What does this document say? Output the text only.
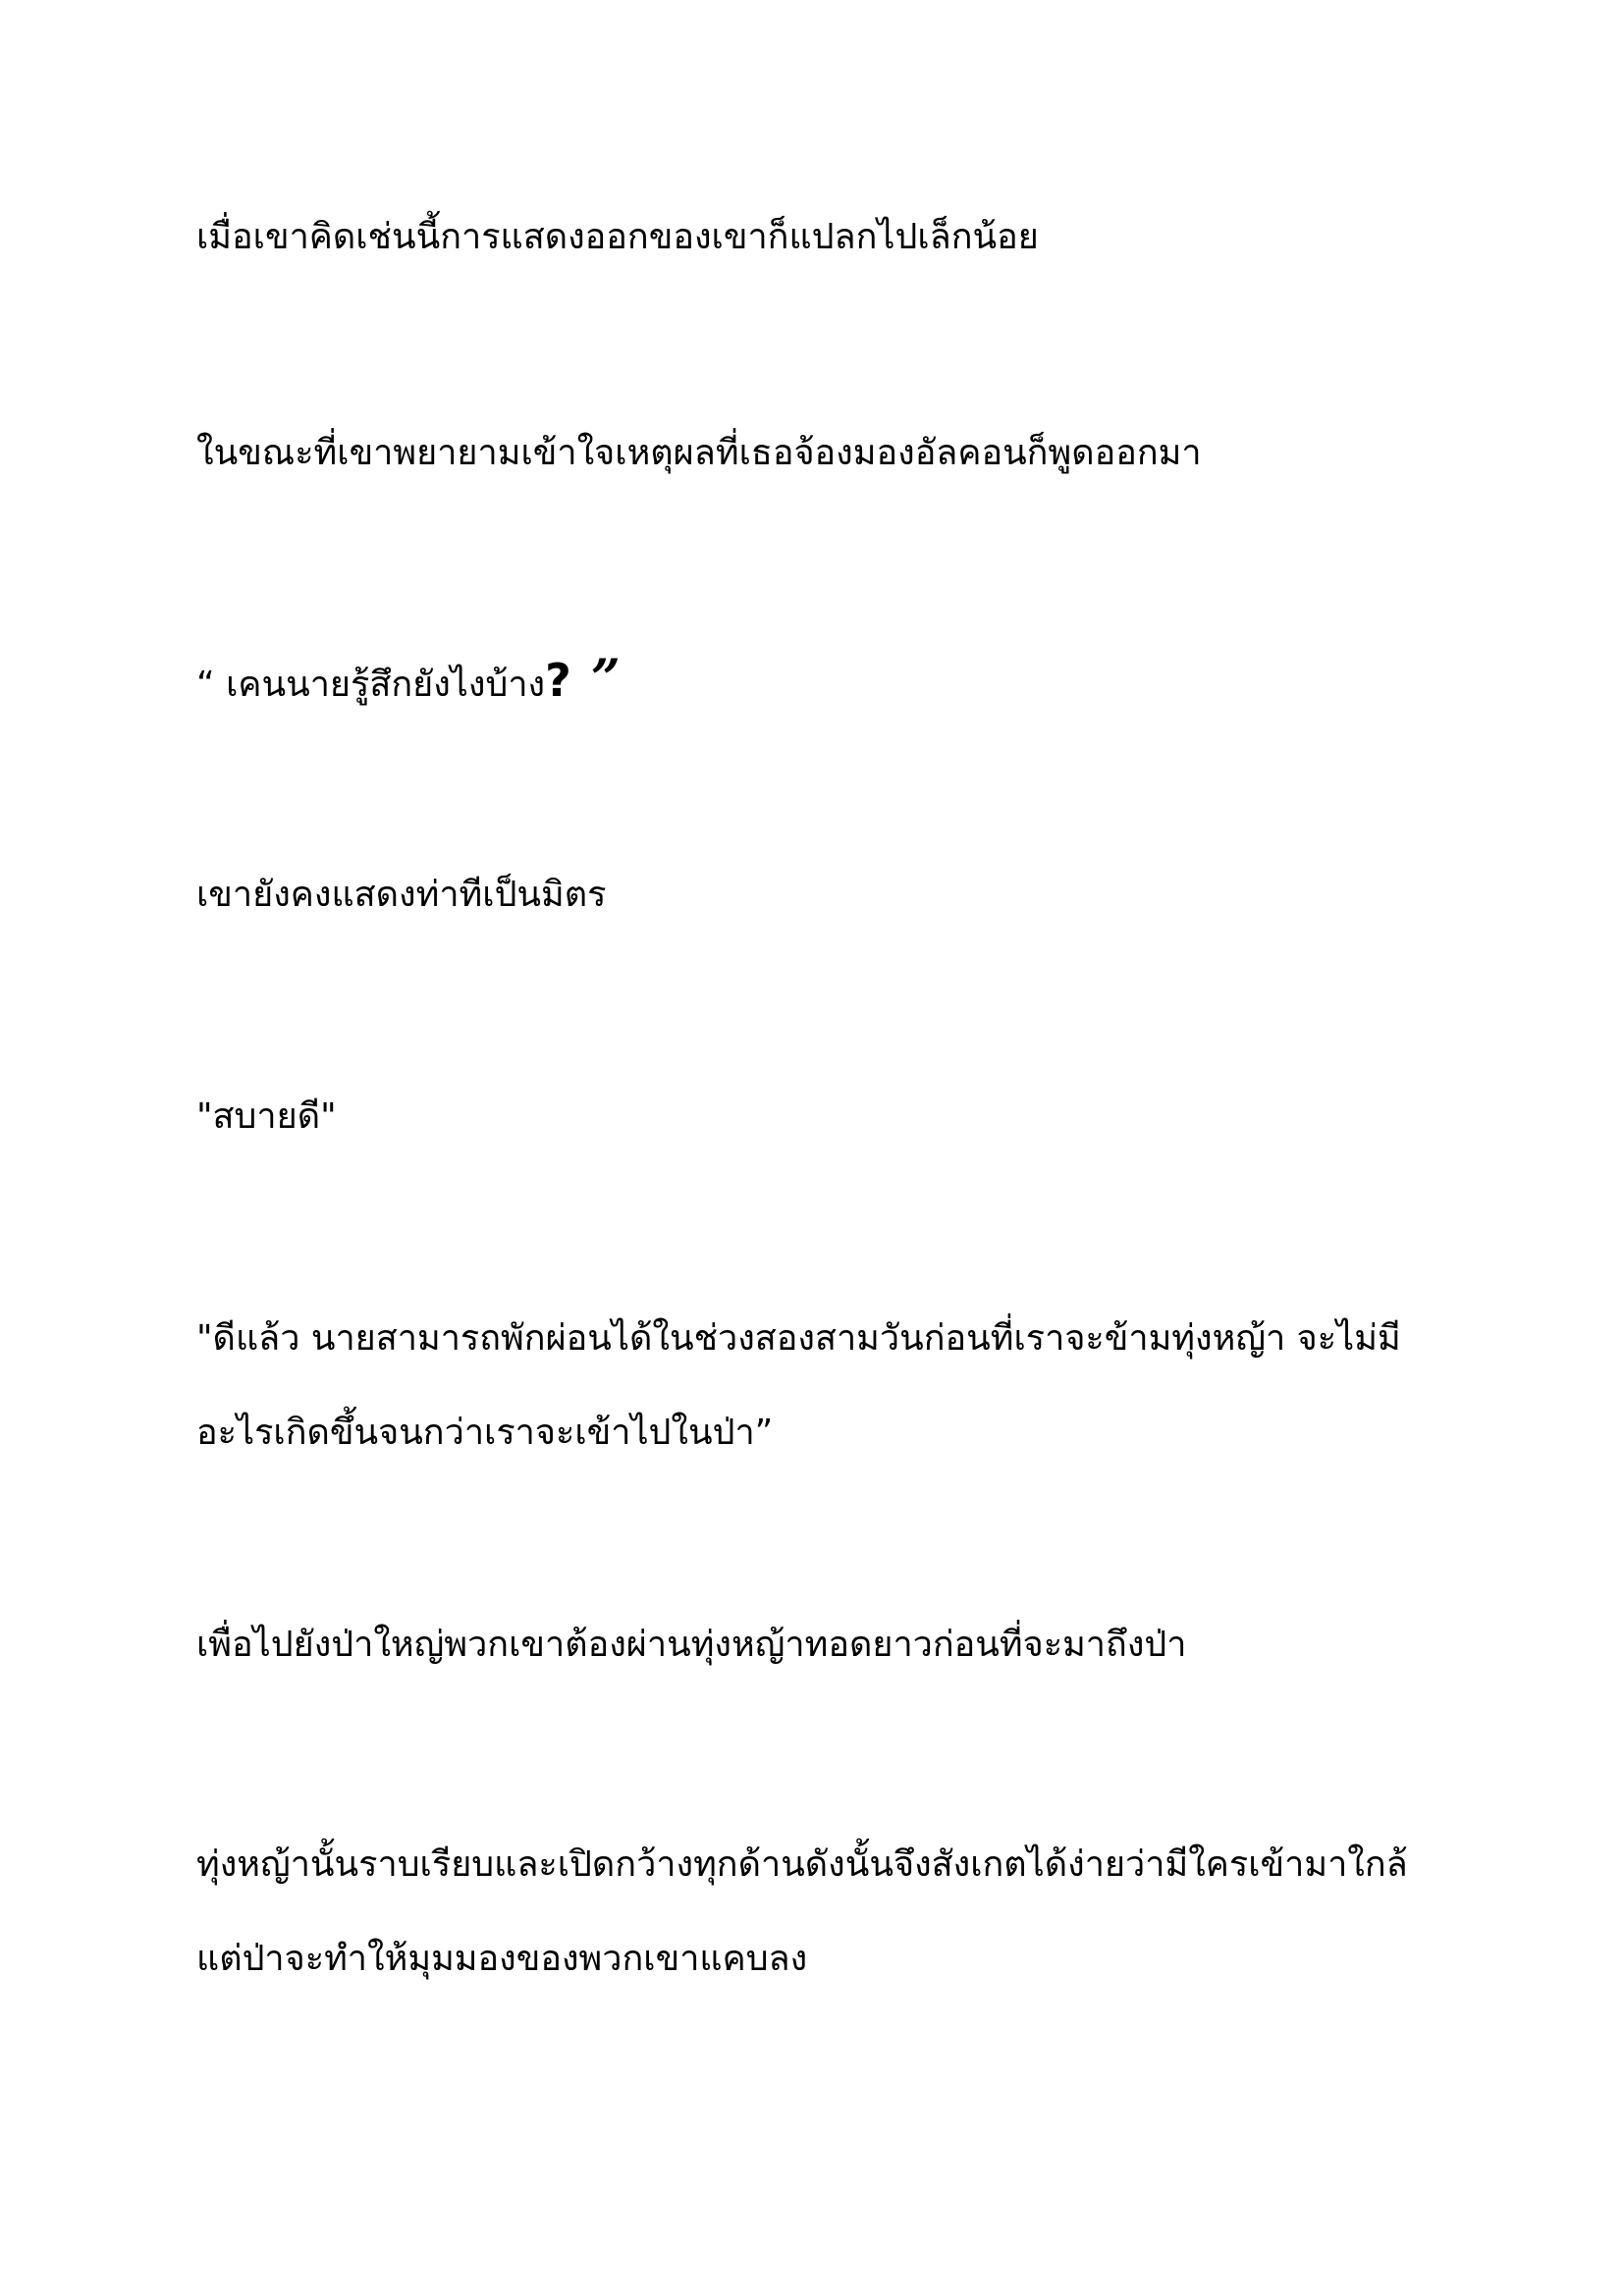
เมื่อเขาคิดเช่นนี้การแสดงออกของเขาก็แปลกไปเล็กน้อย
ในขณะที่เขาพยายามเข้าใจเหตุผลที่เธอจ้องมองอัลคอนก็พูดออกมา
“ เคนนายรู้สึกยังไงบ้าง? ”
เขายังคงแสดงท่าทีเป็นมิตร
"สบายดี"
"ดีแล้ว นายสามารถพักผ่อนได้ในช่วงสองสามวันก่อนที่เราจะข้ามทุ่งหญ้า จะไม่มี
อะไรเกิดขึ้นจนกว่าเราจะเข้าไปในป่า”
เพื่อไปยังป่าใหญ่พวกเขาต้องผ่านทุ่งหญ้าทอดยาวก่อนที่จะมาถึงป่า
ทุ่งหญ้านั้นราบเรียบและเปิดกว้างทุกด้านดังนั้นจึงสังเกตได้ง่ายว่ามีใครเข้ามาใกล้
แต่ป่าจะทำให้มุมมองของพวกเขาแคบลง
